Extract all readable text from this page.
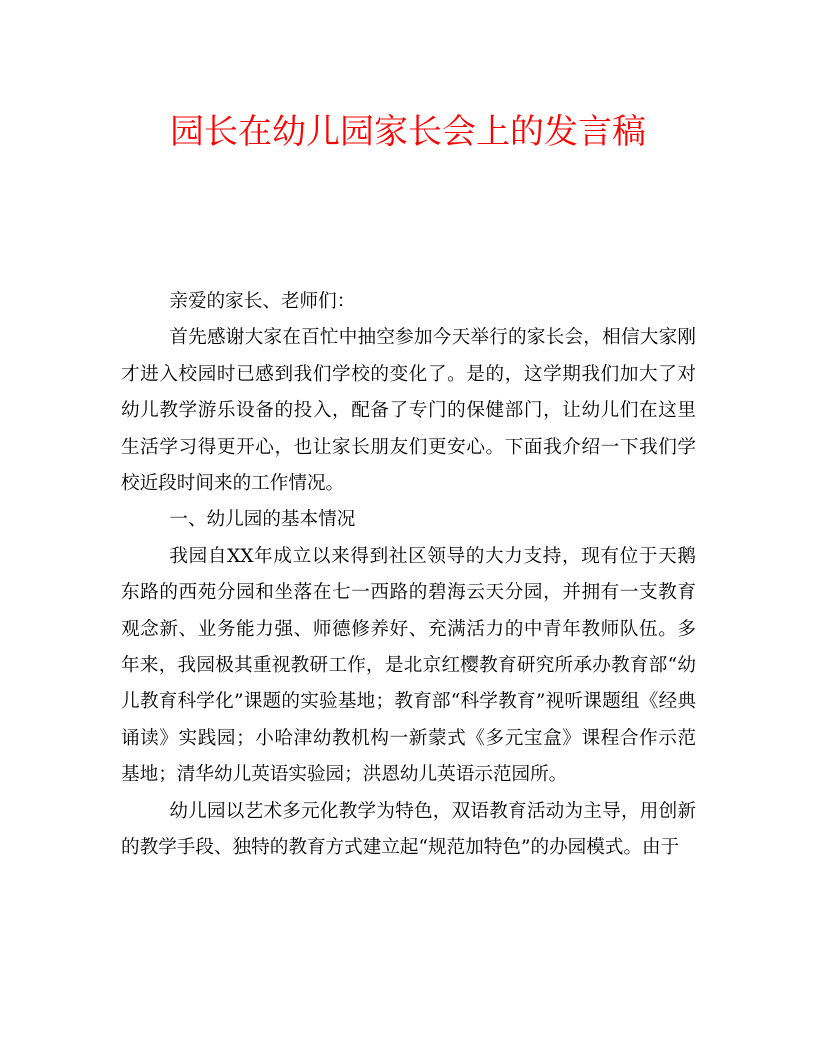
园长在幼儿园家长会上的发言稿

亲爱的家长、老师们：

首先感谢大家在百忙中抽空参加今天举行的家长会，相信大家刚才进入校园时已感到我们学校的变化了。是的，这学期我们加大了对幼儿教学游乐设备的投入，配备了专门的保健部门，让幼儿们在这里生活学习得更开心，也让家长朋友们更安心。下面我介绍一下我们学校近段时间来的工作情况。

一、幼儿园的基本情况

我园自XX年成立以来得到社区领导的大力支持，现有位于天鹅东路的西苑分园和坐落在七一西路的碧海云天分园，并拥有一支教育观念新、业务能力强、师德修养好、充满活力的中青年教师队伍。多年来，我园极其重视教研工作，是北京红樱教育研究所承办教育部“幼儿教育科学化”课题的实验基地；教育部“科学教育”视听课题组《经典诵读》实践园；小哈津幼教机构一新蒙式《多元宝盒》课程合作示范基地；清华幼儿英语实验园；洪恩幼儿英语示范园所。

幼儿园以艺术多元化教学为特色，双语教育活动为主导，用创新的教学手段、独特的教育方式建立起“规范加特色”的办园模式。由于
